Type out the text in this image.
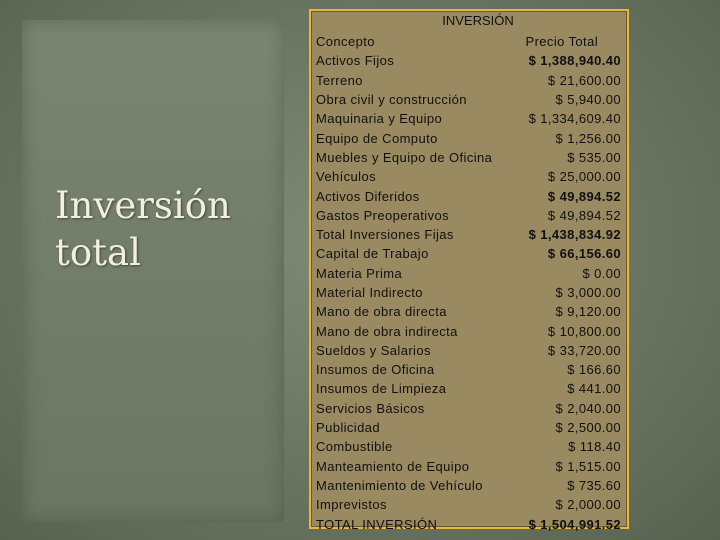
Inversión
total
INVERSIÓN
Concepto	Precio Total
Activos Fijos	$ 1,388,940.40
Terreno	$ 21,600.00
Obra civil y construcción	$ 5,940.00
Maquinaria y Equipo	$ 1,334,609.40
Equipo de Computo	$ 1,256.00
Muebles y Equipo de Oficina	$ 535.00
Vehículos	$ 25,000.00
Activos Diferidos	$ 49,894.52
Gastos Preoperativos	$ 49,894.52
Total Inversiones Fijas	$ 1,438,834.92
Capital de Trabajo	$ 66,156.60
Materia Prima	$ 0.00
Material Indirecto	$ 3,000.00
Mano de obra directa	$ 9,120.00
Mano de obra indirecta	$ 10,800.00
Sueldos y Salarios	$ 33,720.00
Insumos de Oficina	$ 166.60
Insumos de Limpieza	$ 441.00
Servicios Básicos	$ 2,040.00
Publicidad	$ 2,500.00
Combustible	$ 118.40
Manteamiento de Equipo	$ 1,515.00
Mantenimiento de Vehículo	$ 735.60
Imprevistos	$ 2,000.00
TOTAL INVERSIÓN	$ 1,504,991.52
